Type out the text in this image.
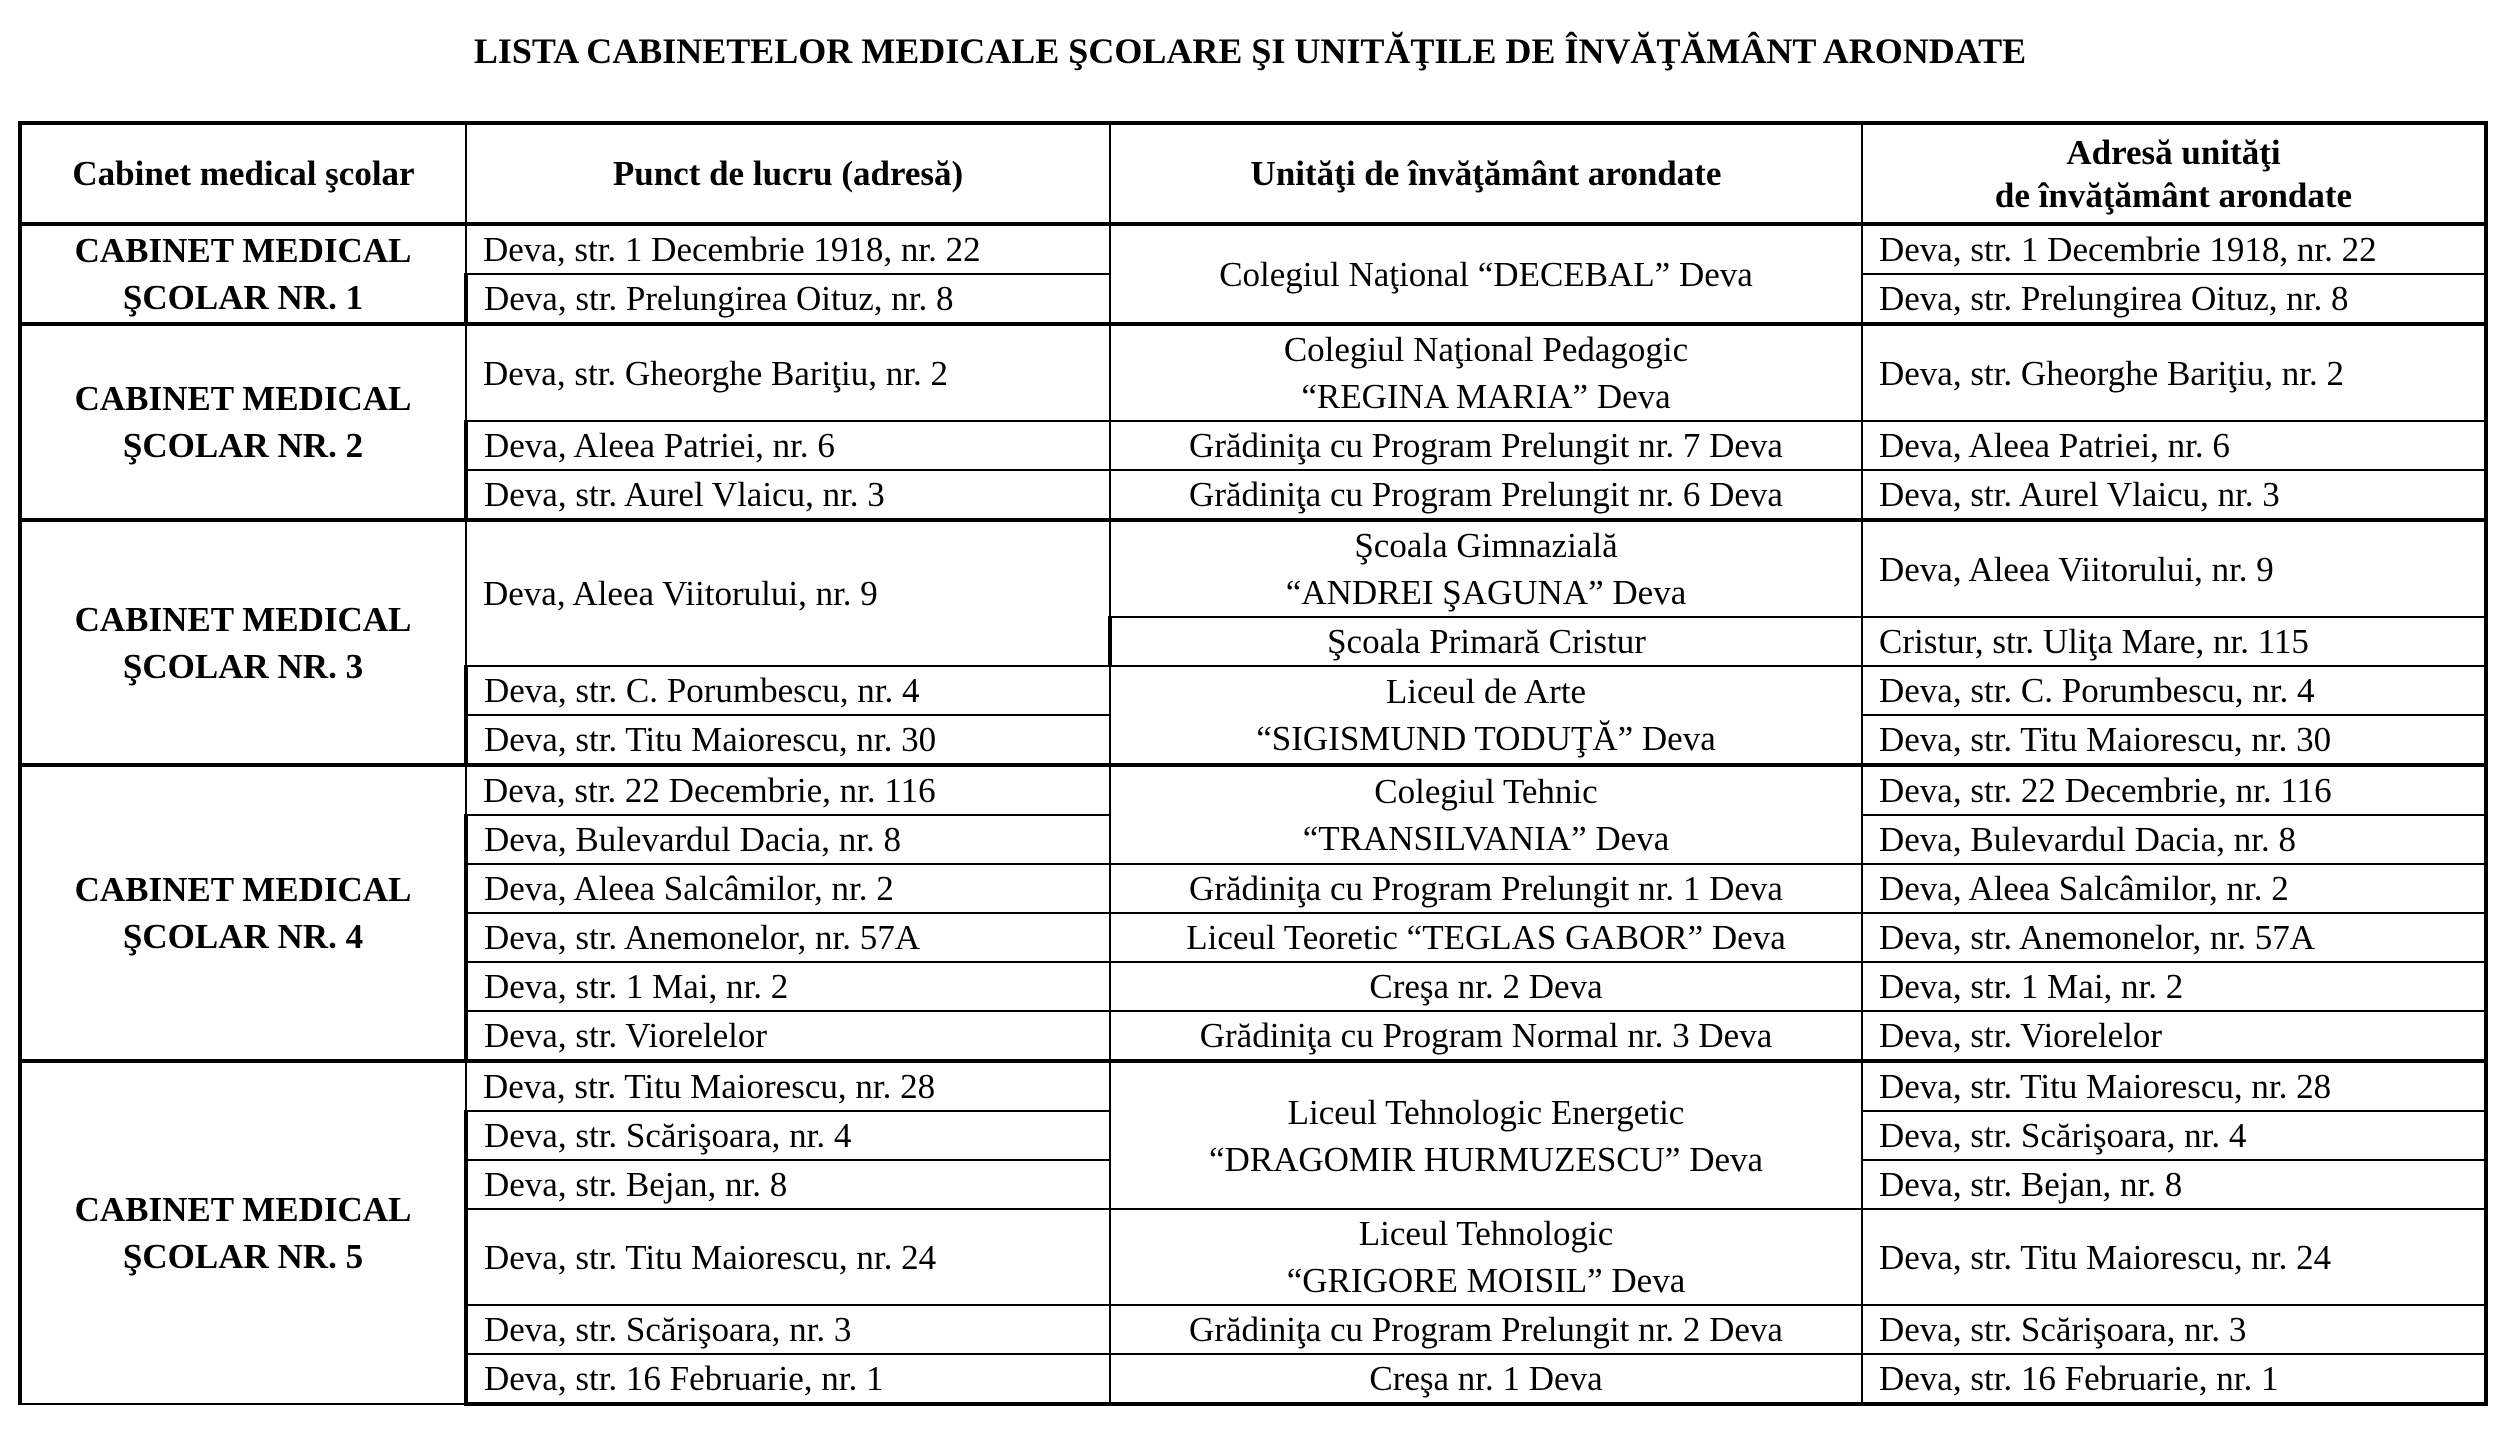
LISTA CABINETELOR MEDICALE ŞCOLARE ŞI UNITĂŢILE DE ÎNVĂŢĂMÂNT ARONDATE
Cabinet medical şcolar	Punct de lucru (adresă)	Unităţi de învăţământ arondate	Adresă unităţi
de învăţământ arondate
CABINET MEDICAL
ŞCOLAR NR. 1	Deva, str. 1 Decembrie 1918, nr. 22	Colegiul Naţional “DECEBAL” Deva	Deva, str. 1 Decembrie 1918, nr. 22
	Deva, str. Prelungirea Oituz, nr. 8		Deva, str. Prelungirea Oituz, nr. 8
CABINET MEDICAL
ŞCOLAR NR. 2	Deva, str. Gheorghe Bariţiu, nr. 2	Colegiul Naţional Pedagogic
“REGINA MARIA” Deva	Deva, str. Gheorghe Bariţiu, nr. 2
	Deva, Aleea Patriei, nr. 6	Grădiniţa cu Program Prelungit nr. 7 Deva	Deva, Aleea Patriei, nr. 6
	Deva, str. Aurel Vlaicu, nr. 3	Grădiniţa cu Program Prelungit nr. 6 Deva	Deva, str. Aurel Vlaicu, nr. 3
CABINET MEDICAL
ŞCOLAR NR. 3	Deva, Aleea Viitorului, nr. 9	Şcoala Gimnazială
“ANDREI ŞAGUNA” Deva	Deva, Aleea Viitorului, nr. 9
		Şcoala Primară Cristur	Cristur, str. Uliţa Mare, nr. 115
	Deva, str. C. Porumbescu, nr. 4	Liceul de Arte
“SIGISMUND TODUŢĂ” Deva	Deva, str. C. Porumbescu, nr. 4
	Deva, str. Titu Maiorescu, nr. 30		Deva, str. Titu Maiorescu, nr. 30
CABINET MEDICAL
ŞCOLAR NR. 4	Deva, str. 22 Decembrie, nr. 116	Colegiul Tehnic
“TRANSILVANIA” Deva	Deva, str. 22 Decembrie, nr. 116
	Deva, Bulevardul Dacia, nr. 8		Deva, Bulevardul Dacia, nr. 8
	Deva, Aleea Salcâmilor, nr. 2	Grădiniţa cu Program Prelungit nr. 1 Deva	Deva, Aleea Salcâmilor, nr. 2
	Deva, str. Anemonelor, nr. 57A	Liceul Teoretic “TEGLAS GABOR” Deva	Deva, str. Anemonelor, nr. 57A
	Deva, str. 1 Mai, nr. 2	Creşa nr. 2 Deva	Deva, str. 1 Mai, nr. 2
	Deva, str. Viorelelor	Grădiniţa cu Program Normal nr. 3 Deva	Deva, str. Viorelelor
CABINET MEDICAL
ŞCOLAR NR. 5	Deva, str. Titu Maiorescu, nr. 28	Liceul Tehnologic Energetic
“DRAGOMIR HURMUZESCU” Deva	Deva, str. Titu Maiorescu, nr. 28
	Deva, str. Scărişoara, nr. 4		Deva, str. Scărişoara, nr. 4
	Deva, str. Bejan, nr. 8		Deva, str. Bejan, nr. 8
	Deva, str. Titu Maiorescu, nr. 24	Liceul Tehnologic
“GRIGORE MOISIL” Deva	Deva, str. Titu Maiorescu, nr. 24
	Deva, str. Scărişoara, nr. 3	Grădiniţa cu Program Prelungit nr. 2 Deva	Deva, str. Scărişoara, nr. 3
	Deva, str. 16 Februarie, nr. 1	Creşa nr. 1 Deva	Deva, str. 16 Februarie, nr. 1
